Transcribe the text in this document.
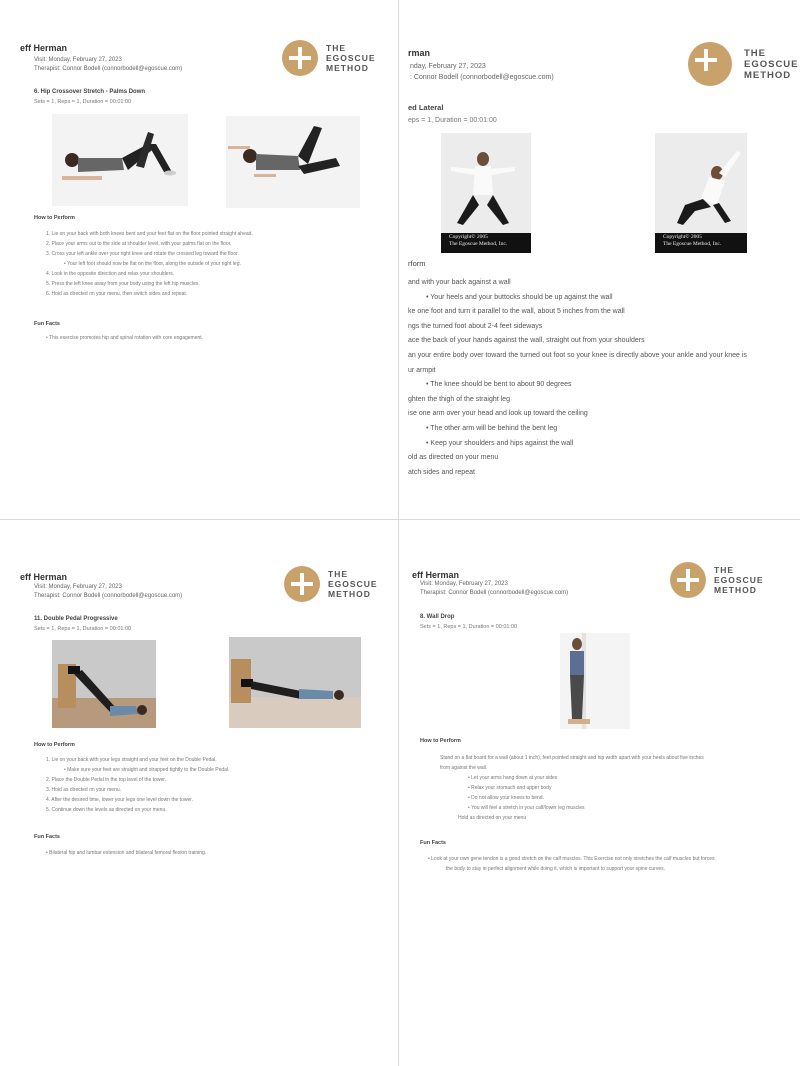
eff Herman
Visit: Monday, February 27, 2023
Therapist: Connor Bodell (connorbodell@egoscue.com)
THE
EGOSCUE
METHOD
6. Hip Crossover Stretch - Palms Down
Sets = 1, Reps = 1, Duration = 00:01:00
How to Perform
1. Lie on your back with both knees bent and your feet flat on the floor pointed straight ahead.
2. Place your arms out to the side at shoulder level, with your palms flat on the floor.
3. Cross your left ankle over your right knee and rotate the crossed leg toward the floor.
• Your left foot should now be flat on the floor, along the outside of your right leg.
4. Look in the opposite direction and relax your shoulders.
5. Press the left knee away from your body using the left hip muscles.
6. Hold as directed on your menu, then switch sides and repeat.
Fun Facts
• This exercise promotes hip and spinal rotation with core engagement.
rman
nday, February 27, 2023
: Connor Bodell (connorbodell@egoscue.com)
THE
EGOSCUE
METHOD
ed Lateral
eps = 1, Duration = 00:01:00
Copyright© 2005
The Egoscue Method, Inc.
Copyright© 2005
The Egoscue Method, Inc.
rform
and with your back against a wall
• Your heels and your buttocks should be up against the wall
ke one foot and turn it parallel to the wall, about 5 inches from the wall
ngs the turned foot about 2-4 feet sideways
ace the back of your hands against the wall, straight out from your shoulders
an your entire body over toward the turned out foot so your knee is directly above your ankle and your knee is
ur armpit
• The knee should be bent to about 90 degrees
ghten the thigh of the straight leg
ise one arm over your head and look up toward the ceiling
• The other arm will be behind the bent leg
• Keep your shoulders and hips against the wall
old as directed on your menu
atch sides and repeat
eff Herman
Visit: Monday, February 27, 2023
Therapist: Connor Bodell (connorbodell@egoscue.com)
THE
EGOSCUE
METHOD
11. Double Pedal Progressive
Sets = 1, Reps = 1, Duration = 00:01:00
How to Perform
1. Lie on your back with your legs straight and your feet on the Double Pedal.
• Make sure your feet are straight and strapped tightly to the Double Pedal.
2. Place the Double Pedal in the top level of the tower.
3. Hold as directed on your menu.
4. After the desired time, lower your legs one level down the tower.
5. Continue down the levels as directed on your menu.
Fun Facts
• Bilateral hip and lumbar extension and bilateral femoral flexion training.
eff Herman
Visit: Monday, February 27, 2023
Therapist: Connor Bodell (connorbodell@egoscue.com)
THE
EGOSCUE
METHOD
8. Wall Drop
Sets = 1, Reps = 1, Duration = 00:01:00
How to Perform
Stand on a flat board for a wall (about 1 inch), feet pointed straight and hip width apart with your heels about five inches
from against the wall.
• Let your arms hang down at your sides
• Relax your stomach and upper body
• Do not allow your knees to bend.
• You will feel a stretch in your calf/lower leg muscles
Hold as directed on your menu
Fun Facts
• Look at your own gene tendon is a good stretch on the calf muscles. This Exercise not only stretches the calf muscles but forces
the body to stay in perfect alignment while doing it, which is important to support your spine curves.
